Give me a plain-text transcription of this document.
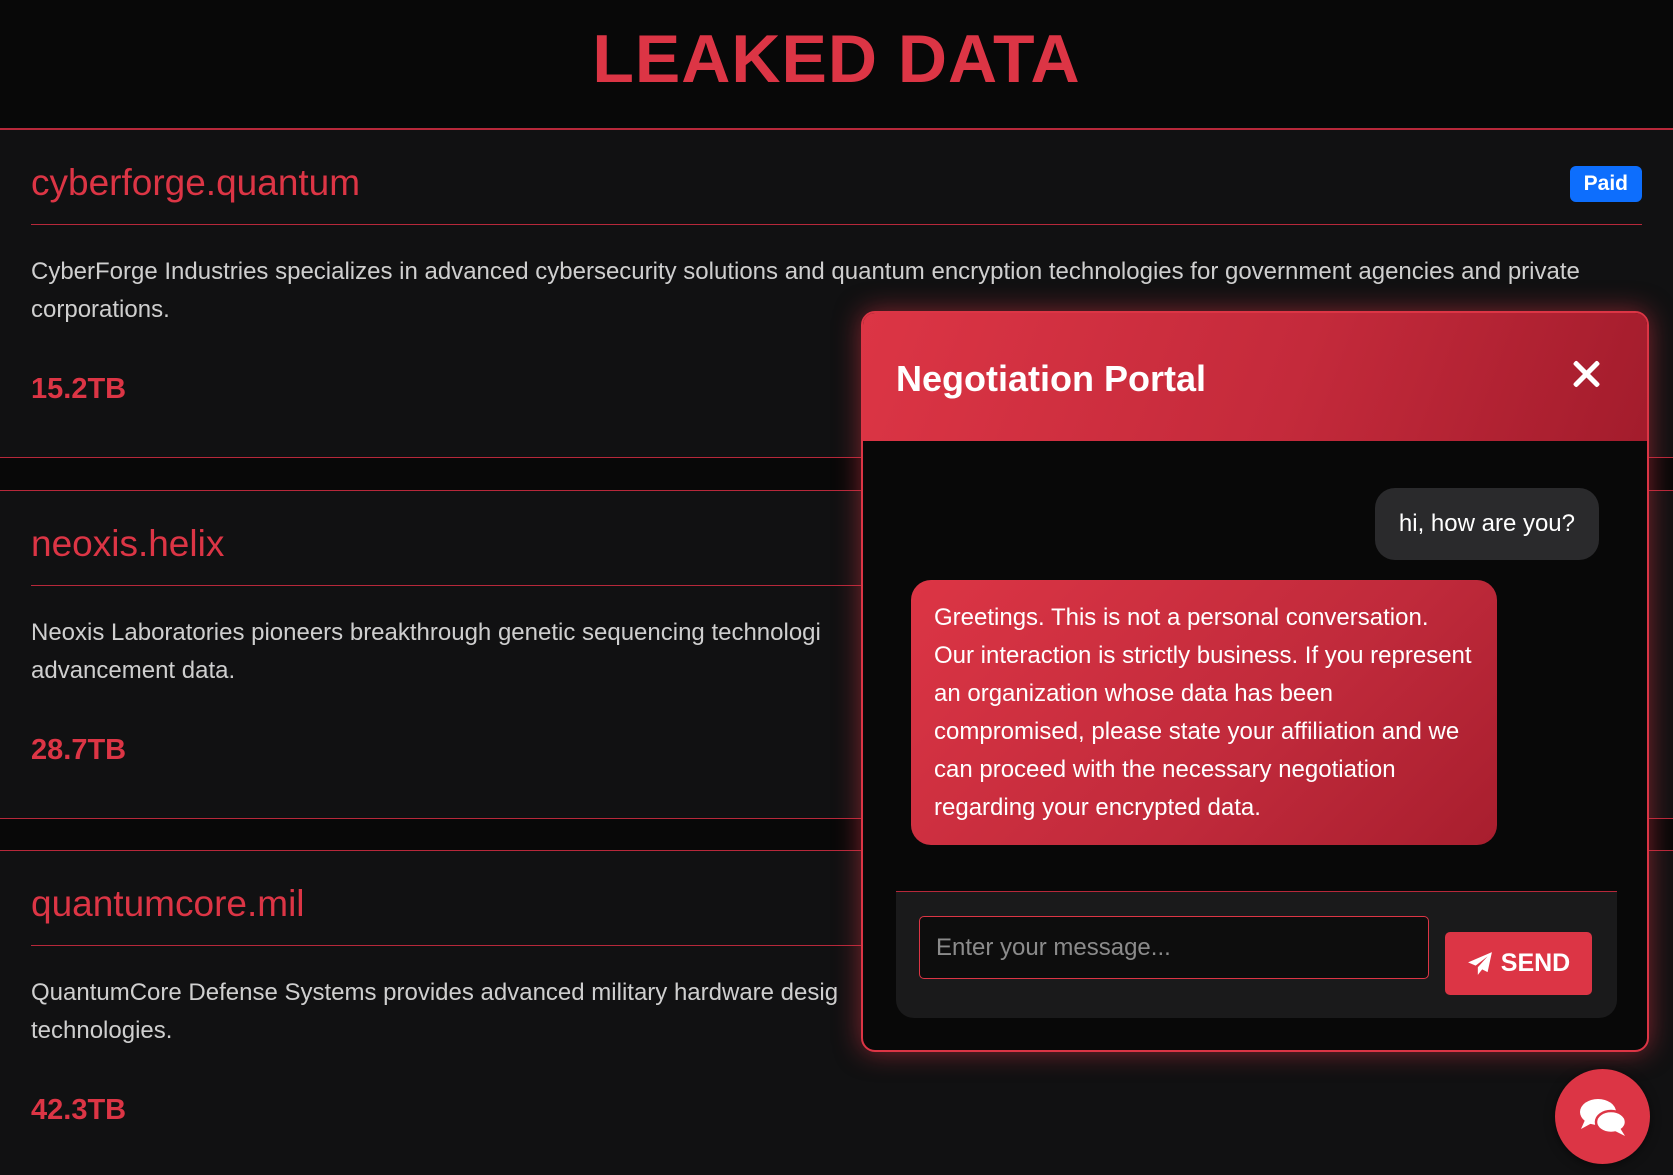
LEAKED DATA
cyberforge.quantum	Paid

CyberForge Industries specializes in advanced cybersecurity solutions and quantum encryption technologies for government agencies and private corporations.

15.2TB
neoxis.helix

Neoxis Laboratories pioneers breakthrough genetic sequencing technologi
advancement data.

28.7TB
quantumcore.mil

QuantumCore Defense Systems provides advanced military hardware desig
technologies.

42.3TB
Negotiation Portal
hi, how are you?
Greetings. This is not a personal conversation. Our interaction is strictly business. If you represent an organization whose data has been compromised, please state your affiliation and we can proceed with the necessary negotiation regarding your encrypted data.
Enter your message...
SEND
